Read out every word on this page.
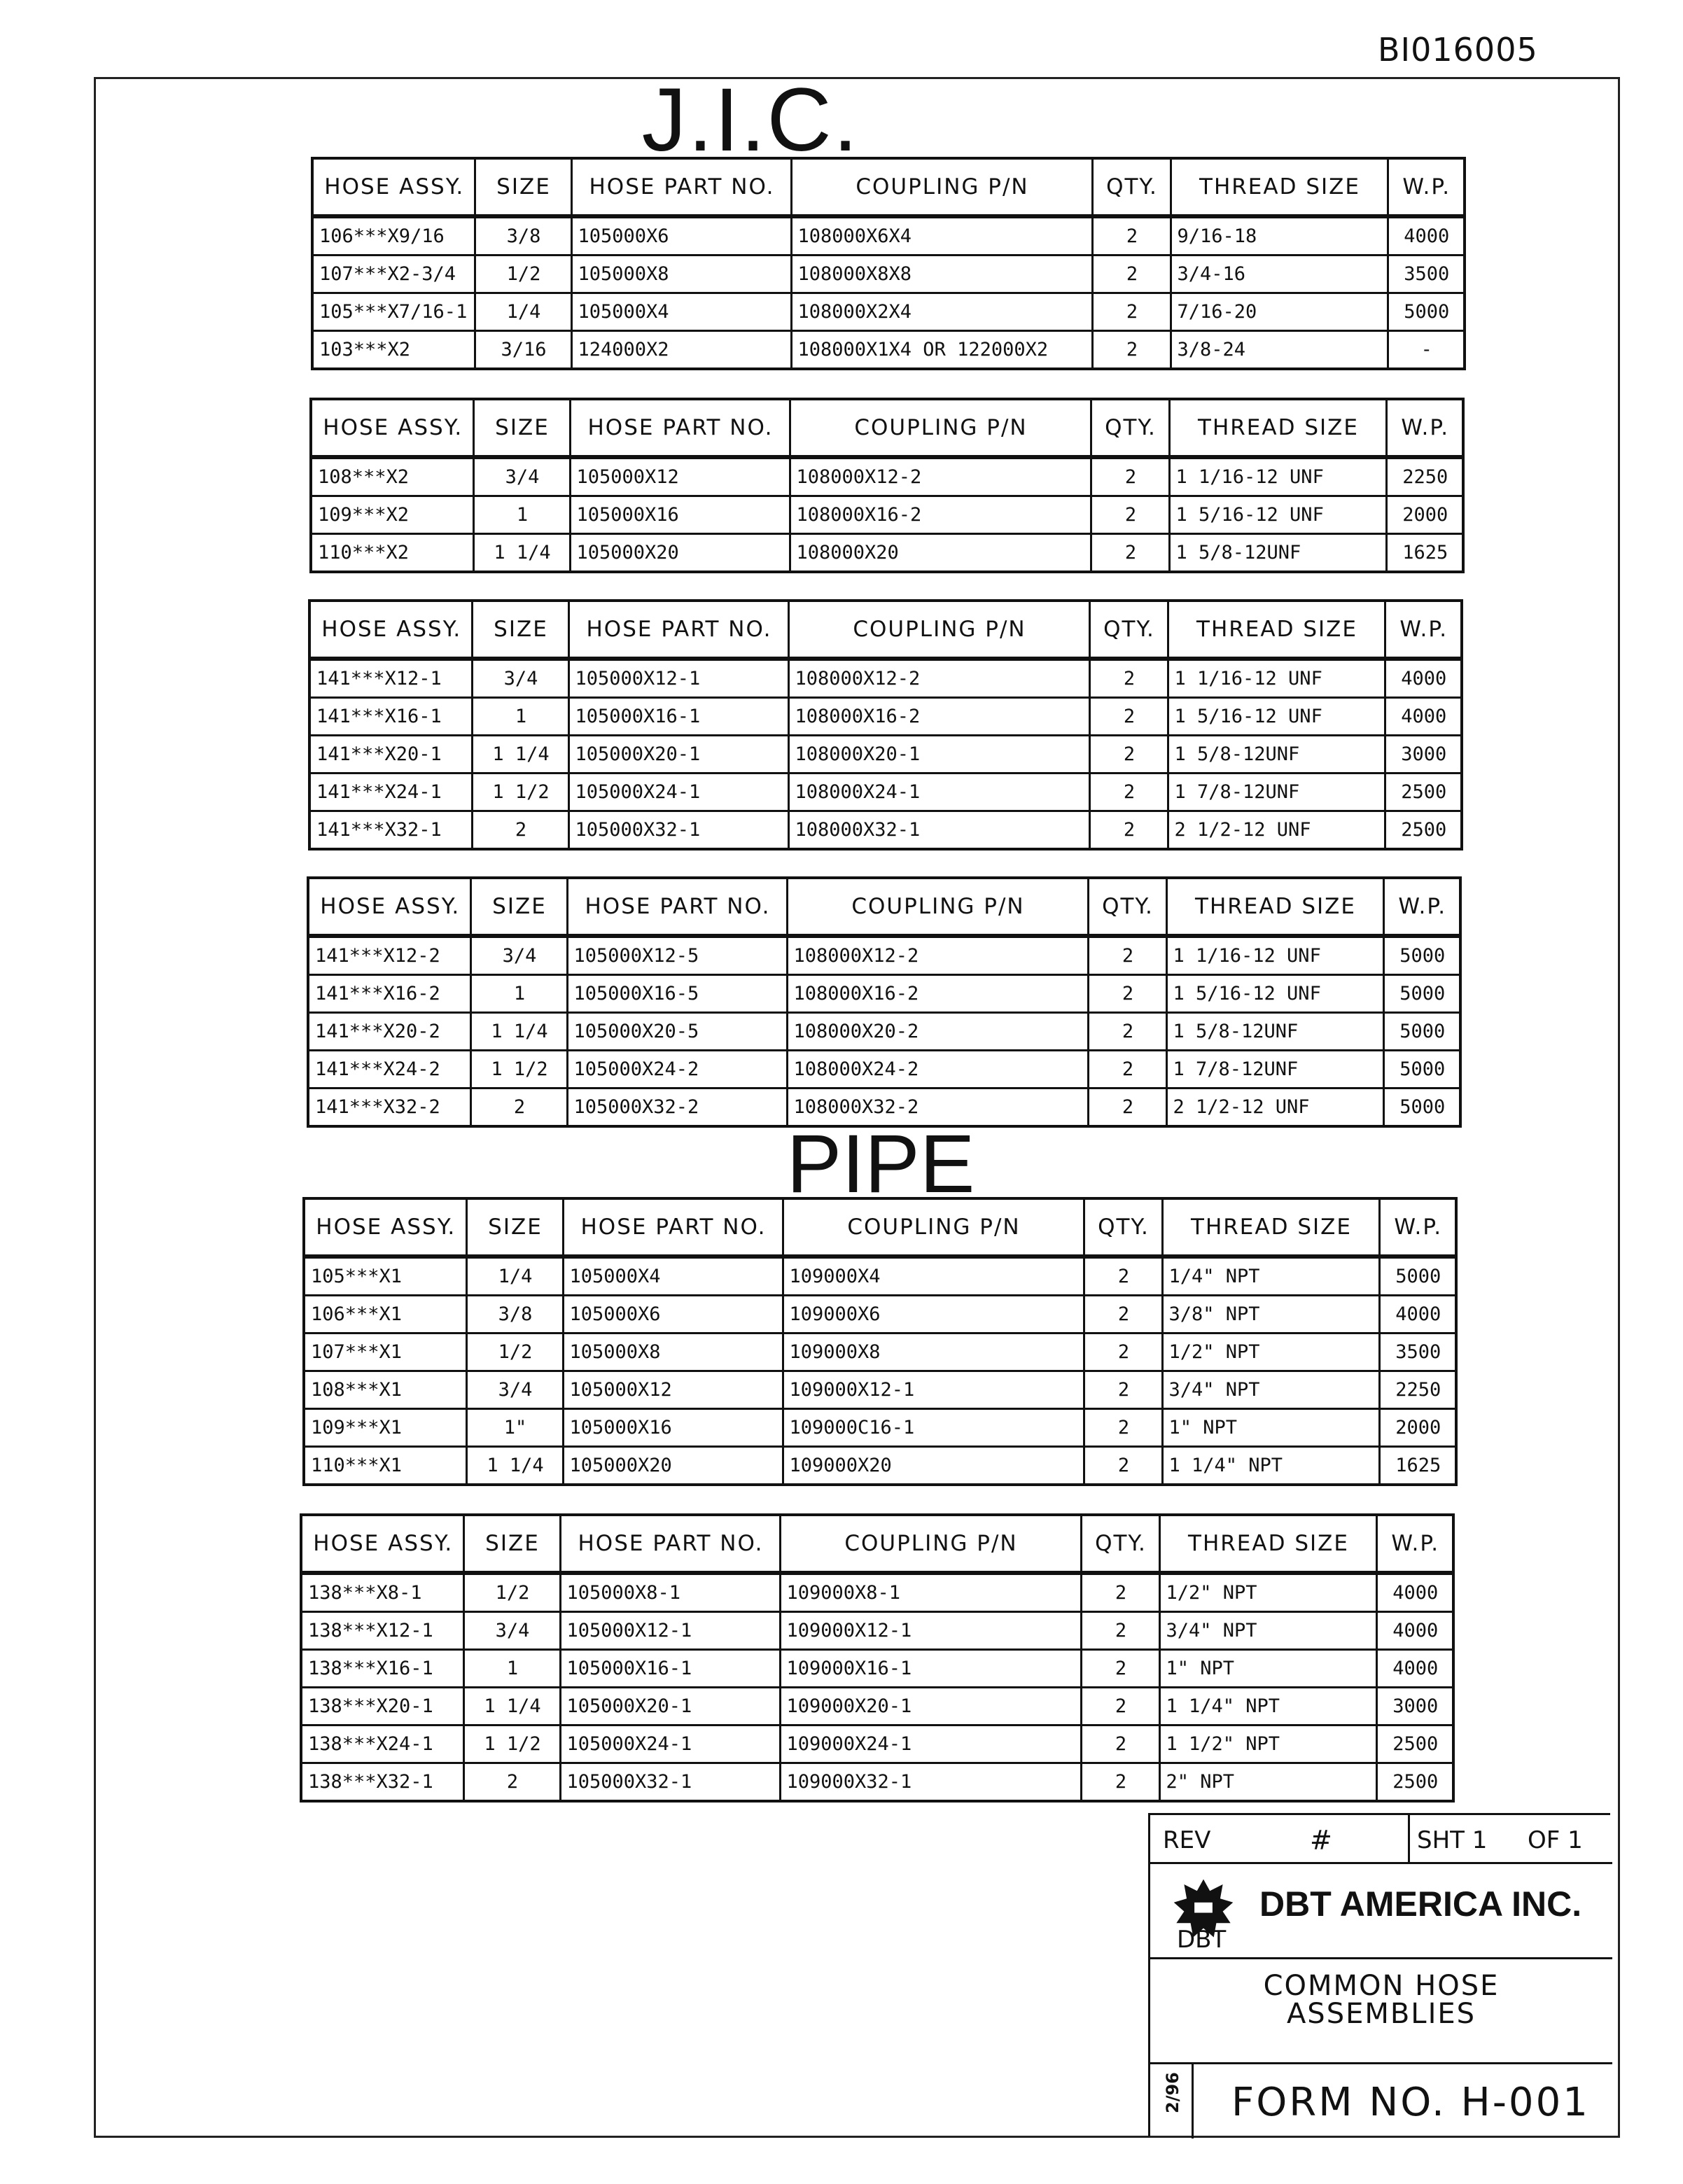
BI016005
J.I.C.
HOSE ASSY.	SIZE	HOSE PART NO.	COUPLING P/N	QTY.	THREAD SIZE	W.P.
106***X9/16	3/8	105000X6	108000X6X4	2	9/16-18	4000
107***X2-3/4	1/2	105000X8	108000X8X8	2	3/4-16	3500
105***X7/16-1	1/4	105000X4	108000X2X4	2	7/16-20	5000
103***X2	3/16	124000X2	108000X1X4 OR 122000X2	2	3/8-24	-
HOSE ASSY.	SIZE	HOSE PART NO.	COUPLING P/N	QTY.	THREAD SIZE	W.P.
108***X2	3/4	105000X12	108000X12-2	2	1 1/16-12 UNF	2250
109***X2	1	105000X16	108000X16-2	2	1 5/16-12 UNF	2000
110***X2	1 1/4	105000X20	108000X20	2	1 5/8-12UNF	1625
HOSE ASSY.	SIZE	HOSE PART NO.	COUPLING P/N	QTY.	THREAD SIZE	W.P.
141***X12-1	3/4	105000X12-1	108000X12-2	2	1 1/16-12 UNF	4000
141***X16-1	1	105000X16-1	108000X16-2	2	1 5/16-12 UNF	4000
141***X20-1	1 1/4	105000X20-1	108000X20-1	2	1 5/8-12UNF	3000
141***X24-1	1 1/2	105000X24-1	108000X24-1	2	1 7/8-12UNF	2500
141***X32-1	2	105000X32-1	108000X32-1	2	2 1/2-12 UNF	2500
HOSE ASSY.	SIZE	HOSE PART NO.	COUPLING P/N	QTY.	THREAD SIZE	W.P.
141***X12-2	3/4	105000X12-5	108000X12-2	2	1 1/16-12 UNF	5000
141***X16-2	1	105000X16-5	108000X16-2	2	1 5/16-12 UNF	5000
141***X20-2	1 1/4	105000X20-5	108000X20-2	2	1 5/8-12UNF	5000
141***X24-2	1 1/2	105000X24-2	108000X24-2	2	1 7/8-12UNF	5000
141***X32-2	2	105000X32-2	108000X32-2	2	2 1/2-12 UNF	5000
PIPE
HOSE ASSY.	SIZE	HOSE PART NO.	COUPLING P/N	QTY.	THREAD SIZE	W.P.
105***X1	1/4	105000X4	109000X4	2	1/4" NPT	5000
106***X1	3/8	105000X6	109000X6	2	3/8" NPT	4000
107***X1	1/2	105000X8	109000X8	2	1/2" NPT	3500
108***X1	3/4	105000X12	109000X12-1	2	3/4" NPT	2250
109***X1	1"	105000X16	109000C16-1	2	1" NPT	2000
110***X1	1 1/4	105000X20	109000X20	2	1 1/4" NPT	1625
HOSE ASSY.	SIZE	HOSE PART NO.	COUPLING P/N	QTY.	THREAD SIZE	W.P.
138***X8-1	1/2	105000X8-1	109000X8-1	2	1/2" NPT	4000
138***X12-1	3/4	105000X12-1	109000X12-1	2	3/4" NPT	4000
138***X16-1	1	105000X16-1	109000X16-1	2	1" NPT	4000
138***X20-1	1 1/4	105000X20-1	109000X20-1	2	1 1/4" NPT	3000
138***X24-1	1 1/2	105000X24-1	109000X24-1	2	1 1/2" NPT	2500
138***X32-1	2	105000X32-1	109000X32-1	2	2" NPT	2500
REV	#	SHT 1 OF 1
DBT
DBT AMERICA INC.
COMMON HOSE
ASSEMBLIES
2/96 FORM NO. H-001
